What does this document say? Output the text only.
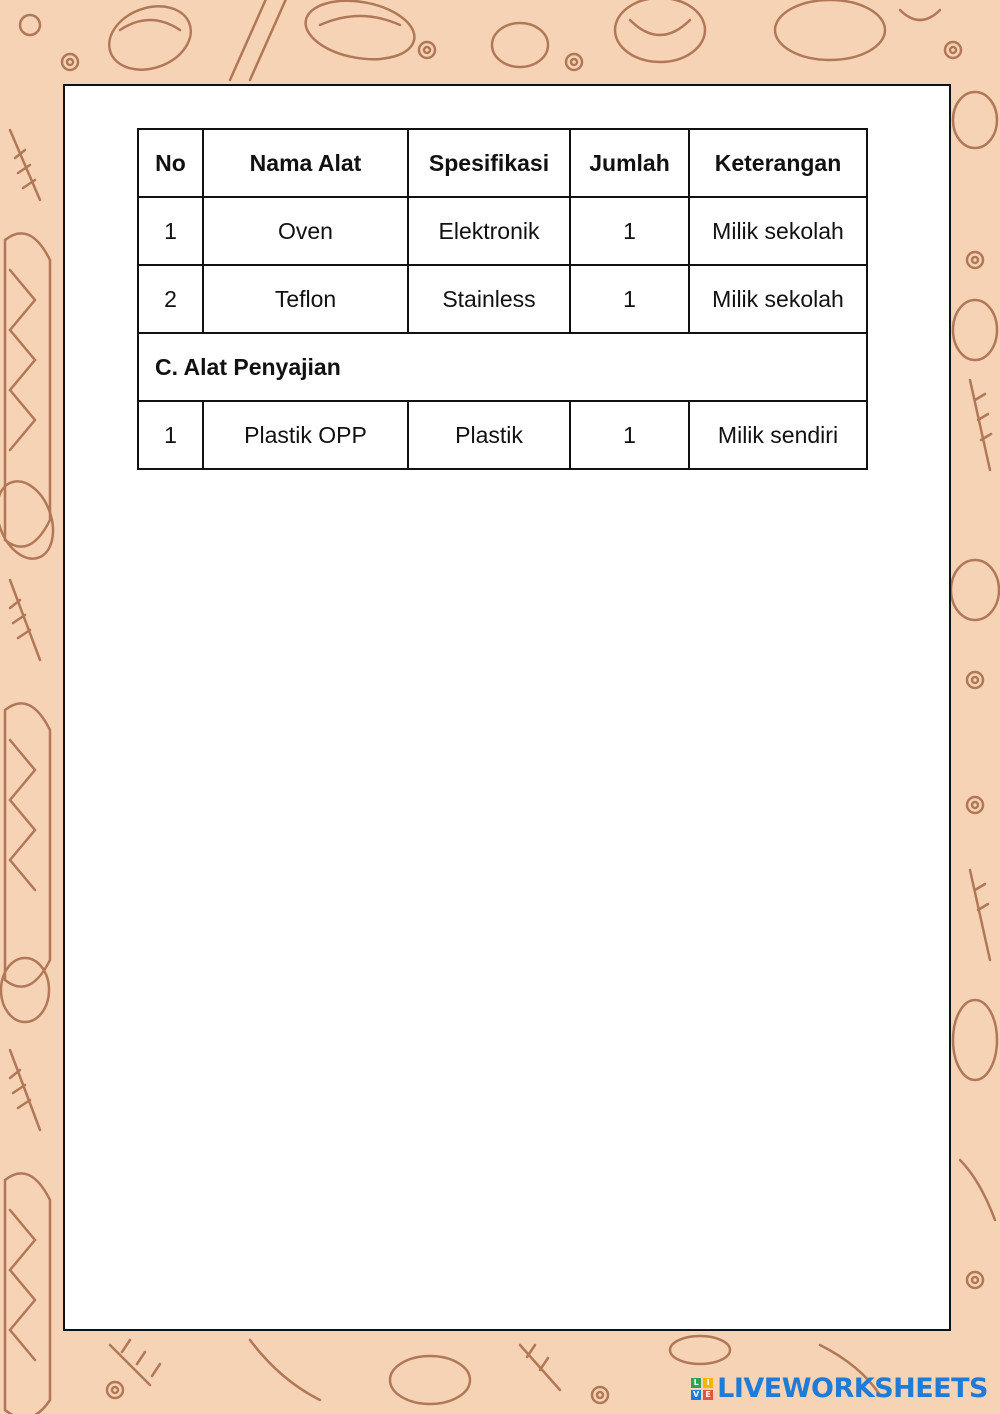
No	Nama Alat	Spesifikasi	Jumlah	Keterangan
1	Oven	Elektronik	1	Milik sekolah
2	Teflon	Stainless	1	Milik sekolah
C. Alat Penyajian				
1	Plastik OPP	Plastik	1	Milik sendiri
L I
V E LIVEWORKSHEETS
